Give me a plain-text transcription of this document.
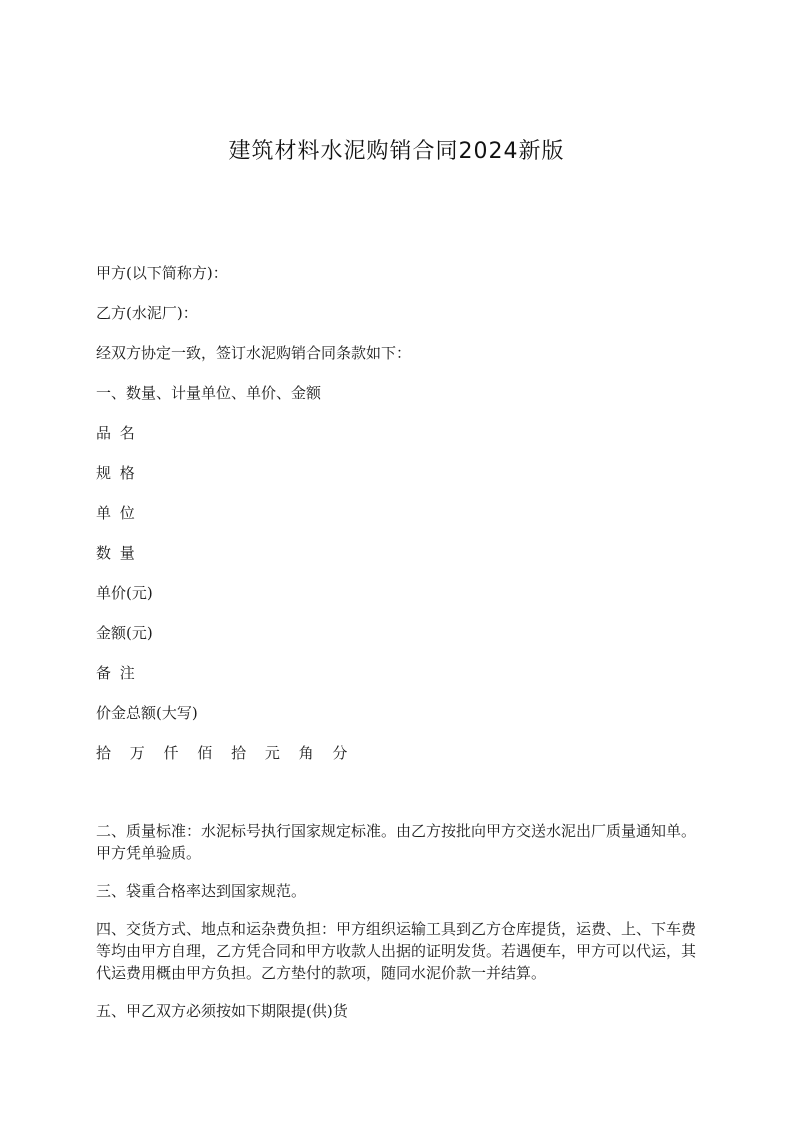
建筑材料水泥购销合同2024新版

甲方(以下简称方)：

乙方(水泥厂)：

经双方协定一致，签订水泥购销合同条款如下：

一、数量、计量单位、单价、金额

品 名

规 格

单 位

数 量

单价(元)

金额(元)

备 注

价金总额(大写)

拾 万 仟 佰 拾 元 角 分

二、质量标准：水泥标号执行国家规定标准。由乙方按批向甲方交送水泥出厂质量通知单。甲方凭单验质。

三、袋重合格率达到国家规范。

四、交货方式、地点和运杂费负担：甲方组织运输工具到乙方仓库提货，运费、上、下车费等均由甲方自理，乙方凭合同和甲方收款人出据的证明发货。若遇便车，甲方可以代运，其代运费用概由甲方负担。乙方垫付的款项，随同水泥价款一并结算。

五、甲乙双方必须按如下期限提(供)货
